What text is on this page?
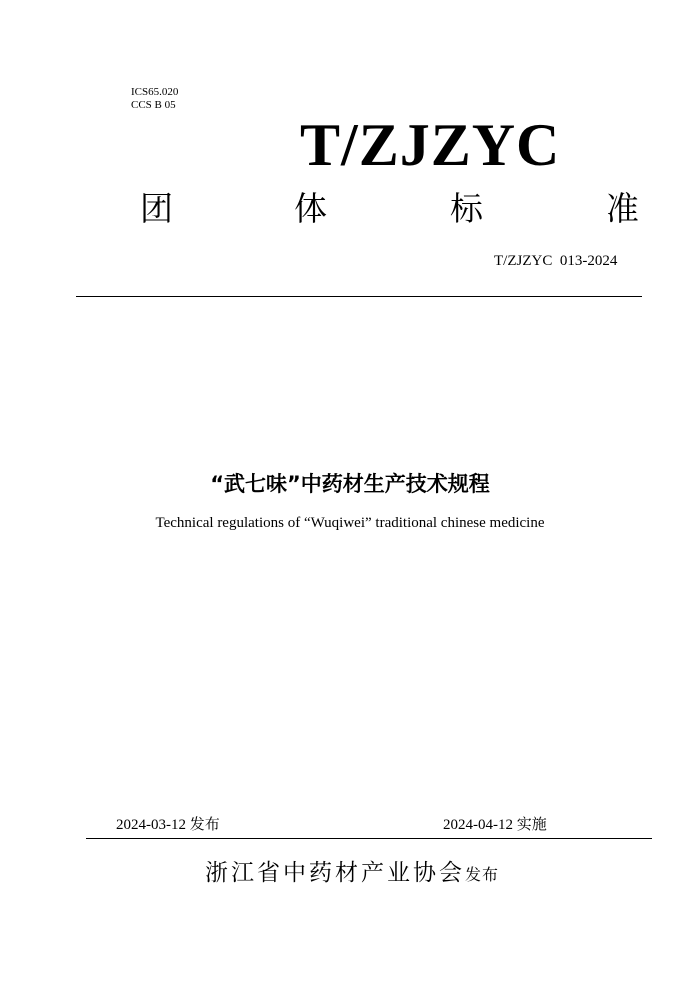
ICS65.020
CCS B 05
T/ZJZYC
团	体	标	准
T/ZJZYC  013-2024
“武七味”中药材生产技术规程
Technical regulations of “Wuqiwei” traditional chinese medicine
2024-03-12 发布	2024-04-12 实施
浙江省中药材产业协会发布
